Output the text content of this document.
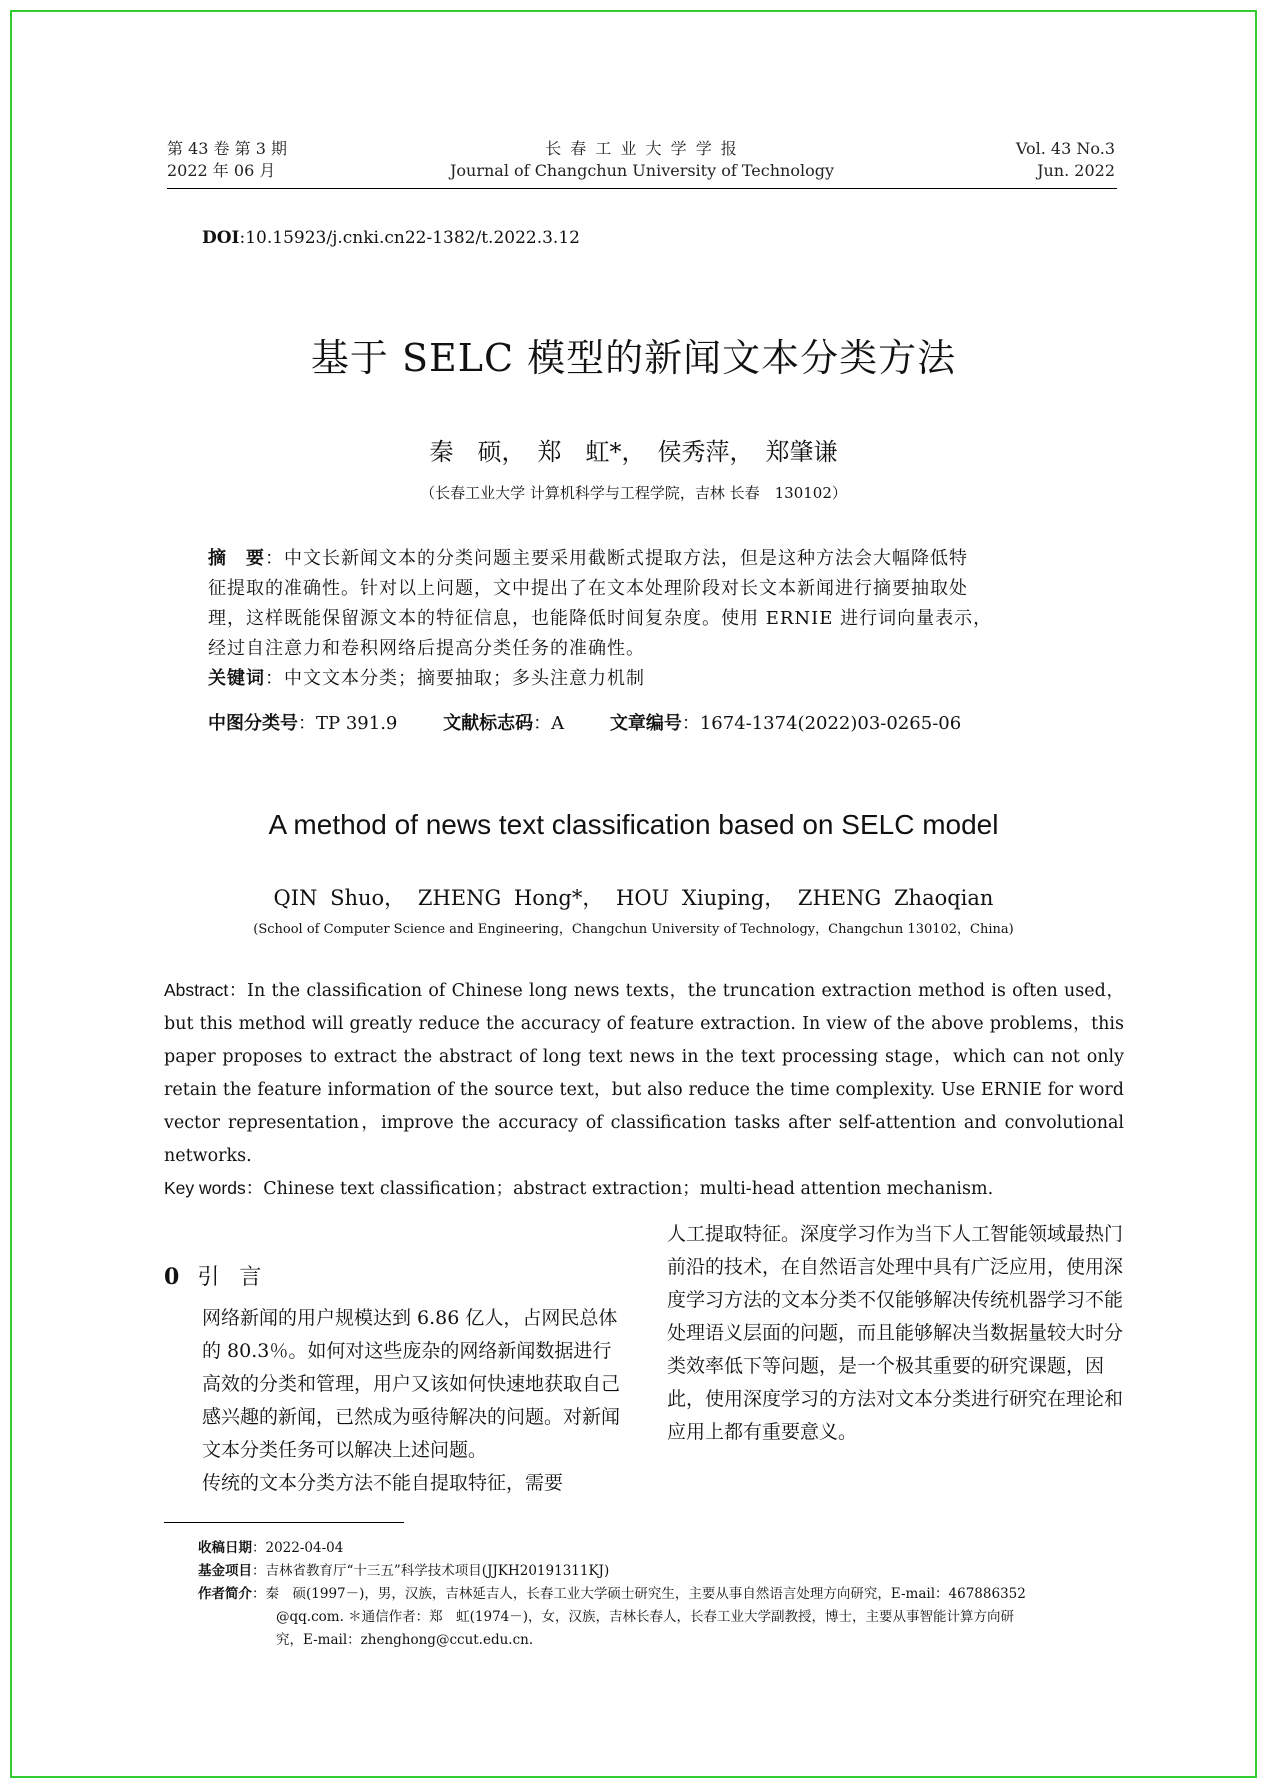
第 43 卷 第 3 期
2022 年 06 月
长 春 工 业 大 学 学 报
Journal of Changchun University of Technology
Vol. 43 No.3
Jun. 2022
DOI:10.15923/j.cnki.cn22-1382/t.2022.3.12
基于 SELC 模型的新闻文本分类方法
秦　硕，　郑　虹*，　侯秀萍，　郑肇谦
（长春工业大学 计算机科学与工程学院，吉林 长春　130102）
摘　要：中文长新闻文本的分类问题主要采用截断式提取方法，但是这种方法会大幅降低特
征提取的准确性。针对以上问题，文中提出了在文本处理阶段对长文本新闻进行摘要抽取处
理，这样既能保留源文本的特征信息，也能降低时间复杂度。使用 ERNIE 进行词向量表示，
经过自注意力和卷积网络后提高分类任务的准确性。
关键词：中文文本分类；摘要抽取；多头注意力机制
中图分类号：TP 391.9	文献标志码：A	文章编号：1674-1374(2022)03-0265-06
A method of news text classification based on SELC model
QIN Shuo， ZHENG Hong*， HOU Xiuping， ZHENG Zhaoqian
(School of Computer Science and Engineering，Changchun University of Technology，Changchun 130102，China)
Abstract：In the classification of Chinese long news texts，the truncation extraction method is often used，but this method will greatly reduce the accuracy of feature extraction. In view of the above problems，this paper proposes to extract the abstract of long text news in the text processing stage，which can not only retain the feature information of the source text，but also reduce the time complexity. Use ERNIE for word vector representation，improve the accuracy of classification tasks after self-attention and convolutional networks.
Key words：Chinese text classification；abstract extraction；multi-head attention mechanism.
0 引言
网络新闻的用户规模达到 6.86 亿人，占网民总体的 80.3％。如何对这些庞杂的网络新闻数据进行高效的分类和管理，用户又该如何快速地获取自己感兴趣的新闻，已然成为亟待解决的问题。对新闻文本分类任务可以解决上述问题。
传统的文本分类方法不能自提取特征，需要
人工提取特征。深度学习作为当下人工智能领域最热门前沿的技术，在自然语言处理中具有广泛应用，使用深度学习方法的文本分类不仅能够解决传统机器学习不能处理语义层面的问题，而且能够解决当数据量较大时分类效率低下等问题，是一个极其重要的研究课题，因此，使用深度学习的方法对文本分类进行研究在理论和应用上都有重要意义。
收稿日期：2022-04-04
基金项目：吉林省教育厅“十三五”科学技术项目(JJKH20191311KJ)
作者简介：秦　硕(1997－)，男，汉族，吉林延吉人，长春工业大学硕士研究生，主要从事自然语言处理方向研究，E-mail：467886352
@qq.com. ＊通信作者：郑　虹(1974－)，女，汉族，吉林长春人，长春工业大学副教授，博士，主要从事智能计算方向研
究，E-mail：zhenghong@ccut.edu.cn.
